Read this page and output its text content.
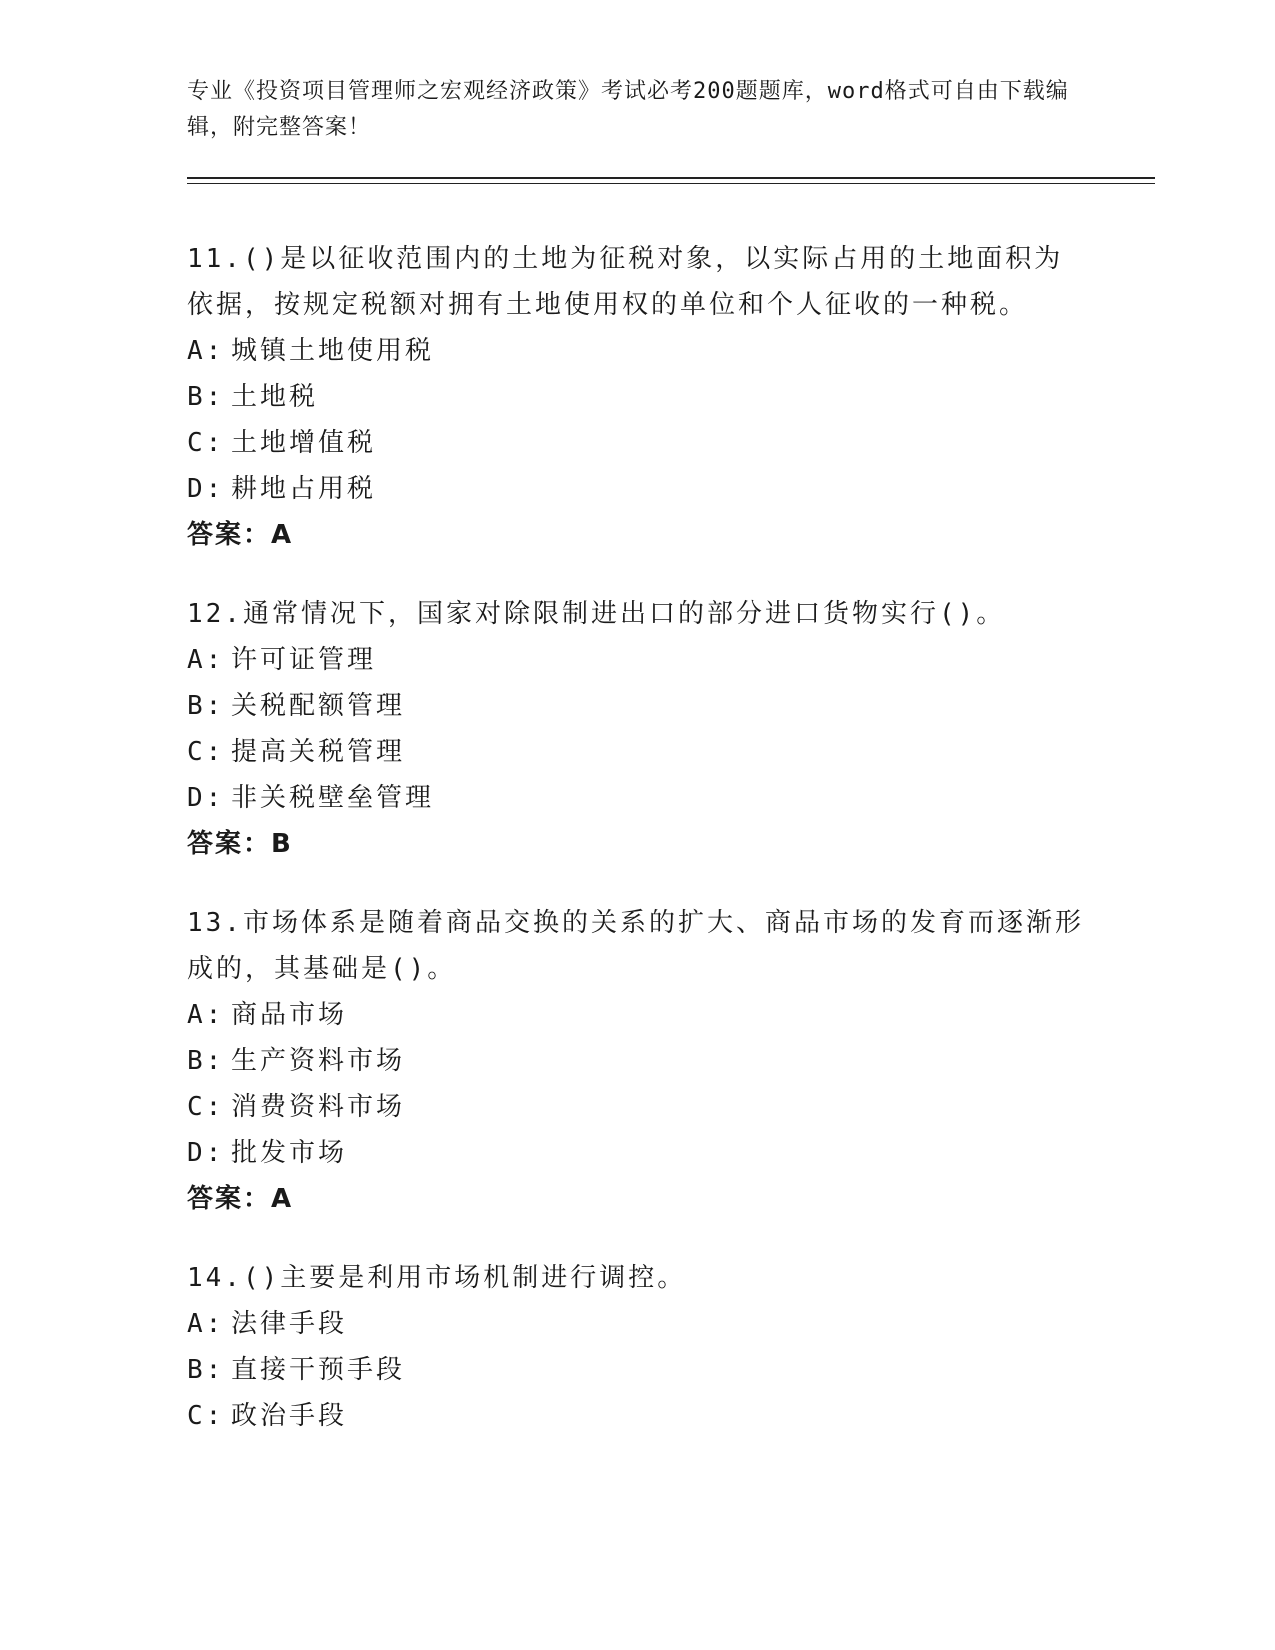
专业《投资项目管理师之宏观经济政策》考试必考200题题库，word格式可自由下载编辑，附完整答案！
11.()是以征收范围内的土地为征税对象，以实际占用的土地面积为依据，按规定税额对拥有土地使用权的单位和个人征收的一种税。
A: 城镇土地使用税
B: 土地税
C: 土地增值税
D: 耕地占用税
答案：A
12.通常情况下，国家对除限制进出口的部分进口货物实行()。
A: 许可证管理
B: 关税配额管理
C: 提高关税管理
D: 非关税壁垒管理
答案：B
13.市场体系是随着商品交换的关系的扩大、商品市场的发育而逐渐形成的，其基础是()。
A: 商品市场
B: 生产资料市场
C: 消费资料市场
D: 批发市场
答案：A
14.()主要是利用市场机制进行调控。
A: 法律手段
B: 直接干预手段
C: 政治手段
